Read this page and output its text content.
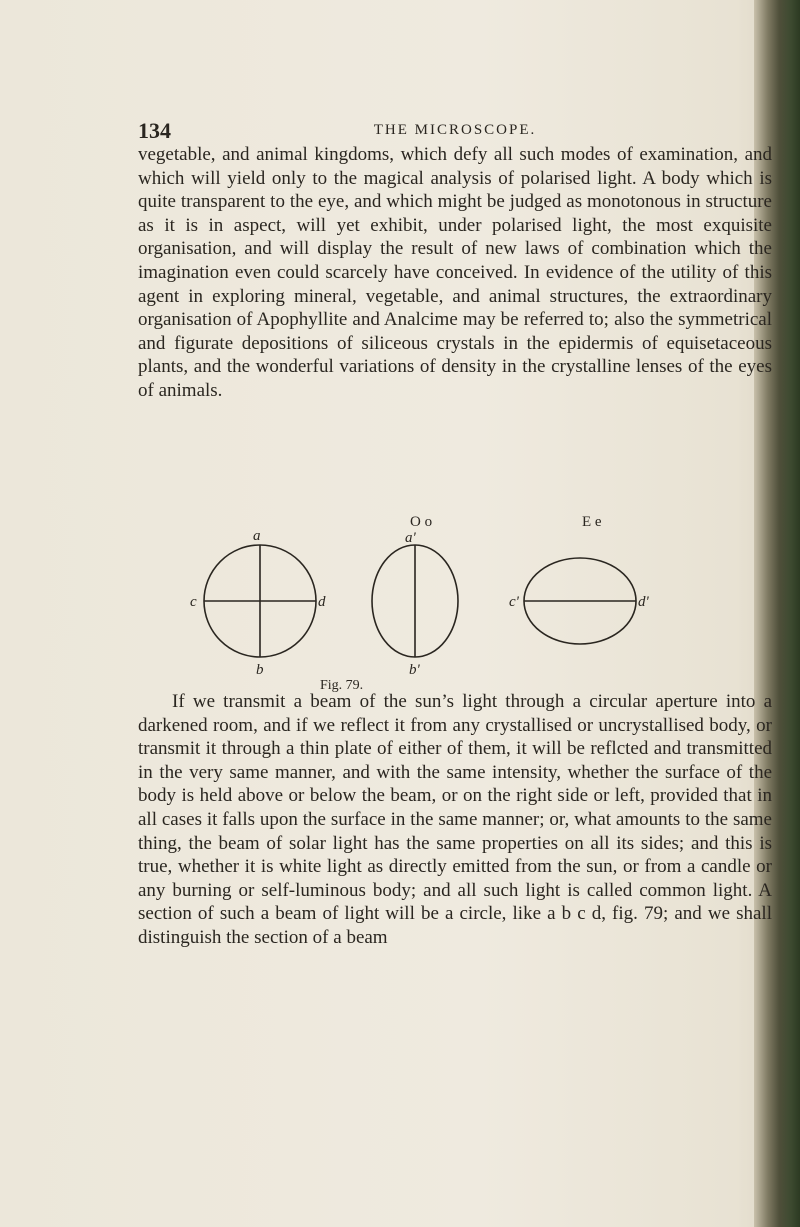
134	THE MICROSCOPE.
vegetable, and animal kingdoms, which defy all such modes of examination, and which will yield only to the magical analysis of polarised light. A body which is quite transparent to the eye, and which might be judged as monotonous in structure as it is in aspect, will yet exhibit, under polarised light, the most exquisite organisation, and will display the result of new laws of combination which the imagination even could scarcely have conceived. In evidence of the utility of this agent in exploring mineral, vegetable, and animal structures, the extraordinary organisation of Apophyllite and Analcime may be referred to; also the symmetrical and figurate depositions of siliceous crystals in the epidermis of equisetaceous plants, and the wonderful variations of density in the crystalline lenses of the eyes of animals.
a
b
c	d
O o
a'
b'
E e
c'	d'
Fig. 79.
If we transmit a beam of the sun’s light through a circular aperture into a darkened room, and if we reflect it from any crystallised or uncrystallised body, or transmit it through a thin plate of either of them, it will be reflcted and transmitted in the very same manner, and with the same intensity, whether the surface of the body is held above or below the beam, or on the right side or left, provided that in all cases it falls upon the surface in the same manner; or, what amounts to the same thing, the beam of solar light has the same properties on all its sides; and this is true, whether it is white light as directly emitted from the sun, or from a candle or any burning or self-luminous body; and all such light is called common light. A section of such a beam of light will be a circle, like a b c d, fig. 79; and we shall distinguish the section of a beam
